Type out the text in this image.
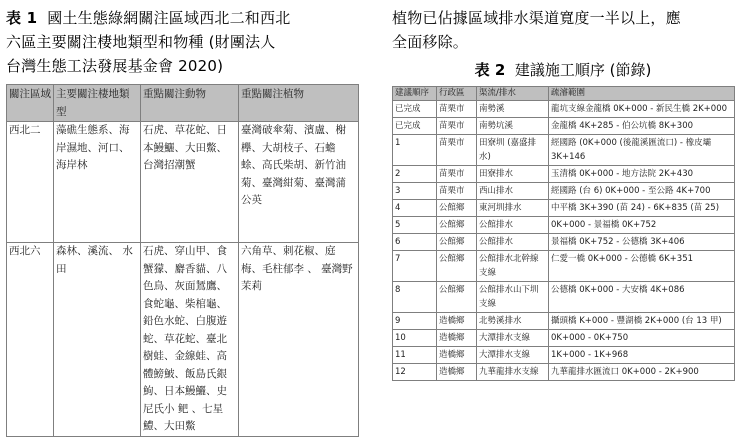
表 1 國土生態綠網關注區域西北二和西北
六區主要關注棲地類型和物種 (財團法人
台灣生態工法發展基金會 2020)
關注區域	主要關注棲地類型	重點關注動物	重點關注植物
西北二	藻礁生態系、海岸濕地、河口、海岸林	石虎、草花蛇、日本鰻鱺、大田鱉、台灣招潮蟹	臺灣破傘菊、濱盧、榭欅、大胡枝子、石蟾蜍、高氏柴胡、新竹油菊、臺灣紺菊、臺灣蒲公英
西北六	森林、溪流、 水田	石虎、穿山甲、食蟹獴、麝香貓、八色鳥、灰面鵟鷹、食蛇龜、柴棺龜、鉛色水蛇、白腹遊蛇、草花蛇、臺北樹蛙、金線蛙、高體鰟鮍、飯島氏銀鮈、日本鰻鱺、史尼氏小 鲃 、七星鱧、大田鱉	六角草、刺花椒、庭梅、毛柱郁李 、 臺灣野茉莉
植物已佔據區域排水渠道寬度一半以上，應
全面移除。
表 2 建議施工順序 (節錄)
建議順序	行政區	渠流/排水	疏濬範圍
已完成	苗栗市	南勢溪	龍坑支線金龍橋 0K+000 - 新民生橋 2K+000
已完成	苗栗市	南勢坑溪	金龍橋 4K+285 - 伯公坑橋 8K+300
1	苗栗市	田寮圳 (嘉盛排水)	經國路 (0K+000 (後龍溪匯流口) - 橡皮壩 3K+146
2	苗栗市	田寮排水	玉清橋 0K+000 - 地方法院 2K+430
3	苗栗市	西山排水	經國路 (台 6) 0K+000 - 至公路 4K+700
4	公館鄉	東河圳排水	中平橋 3K+390 (苗 24) - 6K+835 (苗 25)
5	公館鄉	公館排水	0K+000 - 景福橋 0K+752
6	公館鄉	公館排水	景福橋 0K+752 - 公德橋 3K+406
7	公館鄉	公館排水北幹線支線	仁愛一橋 0K+000 - 公德橋 6K+351
8	公館鄉	公館排水山下圳支線	公德橋 0K+000 - 大安橋 4K+086
9	造橋鄉	北勢溪排水	攝頭橋 K+000 - 豐湖橋 2K+000 (台 13 甲)
10	造橋鄉	大潭排水支線	0K+000 - 0K+750
11	造橋鄉	大潭排水支線	1K+000 - 1K+968
12	造橋鄉	九華龍排水支線	九華龍排水匯流口 0K+000 - 2K+900
